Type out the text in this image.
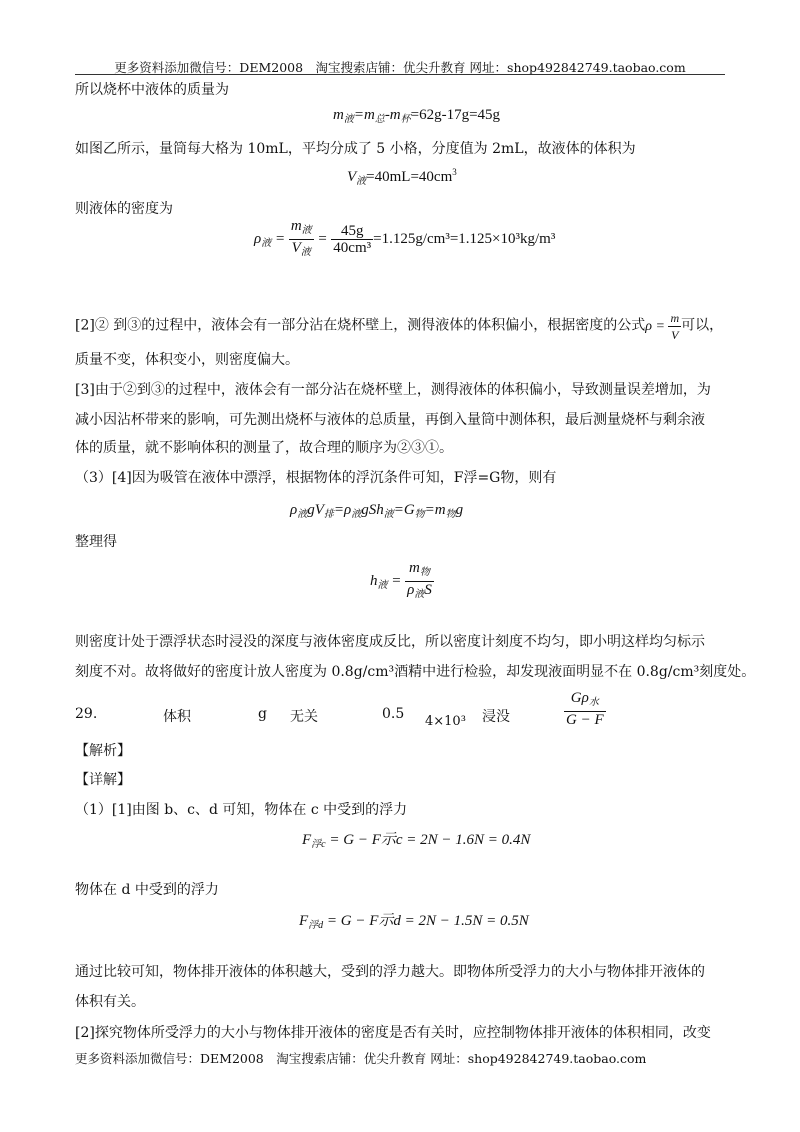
更多资料添加微信号：DEM2008　淘宝搜索店铺：优尖升教育 网址：shop492842749.taobao.com
所以烧杯中液体的质量为
$m_液=m_总-m_杯=62g-17g=45g$
如图乙所示，量筒每大格为 10mL，平均分成了 5 小格，分度值为 2mL，故液体的体积为
$V_液=40mL=40cm^3$
则液体的密度为
$\rho_液 = \frac{m_液}{V_液} = \frac{45g}{\text{40cm³}} =1.125g/cm^3=1.125\times 10^3kg/m^3$
[2]② 到③的过程中，液体会有一部分沾在烧杯壁上，测得液体的体积偏小，根据密度的公式$\rho = \frac{m}{V}$ 可以，
质量不变，体积变小，则密度偏大。
[3]由于②到③的过程中，液体会有一部分沾在烧杯壁上，测得液体的体积偏小，导致测量误差增加，为
减小因沾杯带来的影响，可先测出烧杯与液体的总质量，再倒入量筒中测体积，最后测量烧杯与剩余液
体的质量，就不影响体积的测量了，故合理的顺序为②③①。
（3）[4]因为吸管在液体中漂浮，根据物体的浮沉条件可知，F浮=G物，则有
$\rho_液gV_排=\rho_液gSh_液=G_物=m_物g$
整理得
$h_液 = \frac{m_物}{\rho_液S}$
则密度计处于漂浮状态时浸没的深度与液体密度成反比，所以密度计刻度不均匀，即小明这样均匀标示
刻度不对。故将做好的密度计放人密度为 0.8g/cm³酒精中进行检验，却发现液面明显不在 0.8g/cm³刻度处。
29.	体积	g 无关	0.5 4×10³ 浸没	$\frac{G\rho_水}{G - F}$
【解析】
【详解】
（1）[1]由图 b、c、d 可知，物体在 c 中受到的浮力
$F_{浮c} = G - F$示c = 2N − 1.6N = 0.4N
物体在 d 中受到的浮力
$F_{浮d} = G - F$示d = 2N − 1.5N = 0.5N
通过比较可知，物体排开液体的体积越大，受到的浮力越大。即物体所受浮力的大小与物体排开液体的
体积有关。
[2]探究物体所受浮力的大小与物体排开液体的密度是否有关时，应控制物体排开液体的体积相同，改变
更多资料添加微信号：DEM2008　淘宝搜索店铺：优尖升教育 网址：shop492842749.taobao.com
